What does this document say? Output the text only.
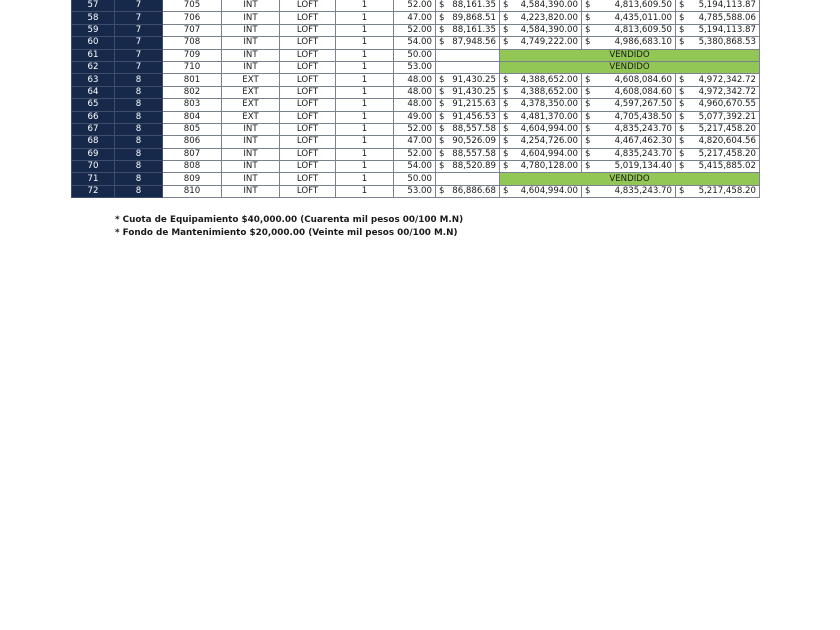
57	7	705	INT	LOFT	1	52.00	$ 88,161.35	$ 4,584,390.00	$ 4,813,609.50	$ 5,194,113.87

58	7	706	INT	LOFT	1	47.00	$ 89,868.51	$ 4,223,820.00	$ 4,435,011.00	$ 4,785,588.06

59	7	707	INT	LOFT	1	52.00	$ 88,161.35	$ 4,584,390.00	$ 4,813,609.50	$ 5,194,113.87

60	7	708	INT	LOFT	1	54.00	$ 87,948.56	$ 4,749,222.00	$ 4,986,683.10	$ 5,380,868.53

61	7	709	INT	LOFT	1	50.00		VENDIDO		
62	7	710	INT	LOFT	1	53.00		VENDIDO		
63	8	801	EXT	LOFT	1	48.00	$ 91,430.25	$ 4,388,652.00	$ 4,608,084.60	$ 4,972,342.72

64	8	802	EXT	LOFT	1	48.00	$ 91,430.25	$ 4,388,652.00	$ 4,608,084.60	$ 4,972,342.72

65	8	803	EXT	LOFT	1	48.00	$ 91,215.63	$ 4,378,350.00	$ 4,597,267.50	$ 4,960,670.55

66	8	804	EXT	LOFT	1	49.00	$ 91,456.53	$ 4,481,370.00	$ 4,705,438.50	$ 5,077,392.21

67	8	805	INT	LOFT	1	52.00	$ 88,557.58	$ 4,604,994.00	$ 4,835,243.70	$ 5,217,458.20

68	8	806	INT	LOFT	1	47.00	$ 90,526.09	$ 4,254,726.00	$ 4,467,462.30	$ 4,820,604.56

69	8	807	INT	LOFT	1	52.00	$ 88,557.58	$ 4,604,994.00	$ 4,835,243.70	$ 5,217,458.20

70	8	808	INT	LOFT	1	54.00	$ 88,520.89	$ 4,780,128.00	$ 5,019,134.40	$ 5,415,885.02

71	8	809	INT	LOFT	1	50.00		VENDIDO		
72	8	810	INT	LOFT	1	53.00	$ 86,886.68	$ 4,604,994.00	$ 4,835,243.70	$ 5,217,458.20
* Cuota de Equipamiento $40,000.00 (Cuarenta mil pesos 00/100 M.N)
* Fondo de Mantenimiento $20,000.00 (Veinte mil pesos 00/100 M.N)
